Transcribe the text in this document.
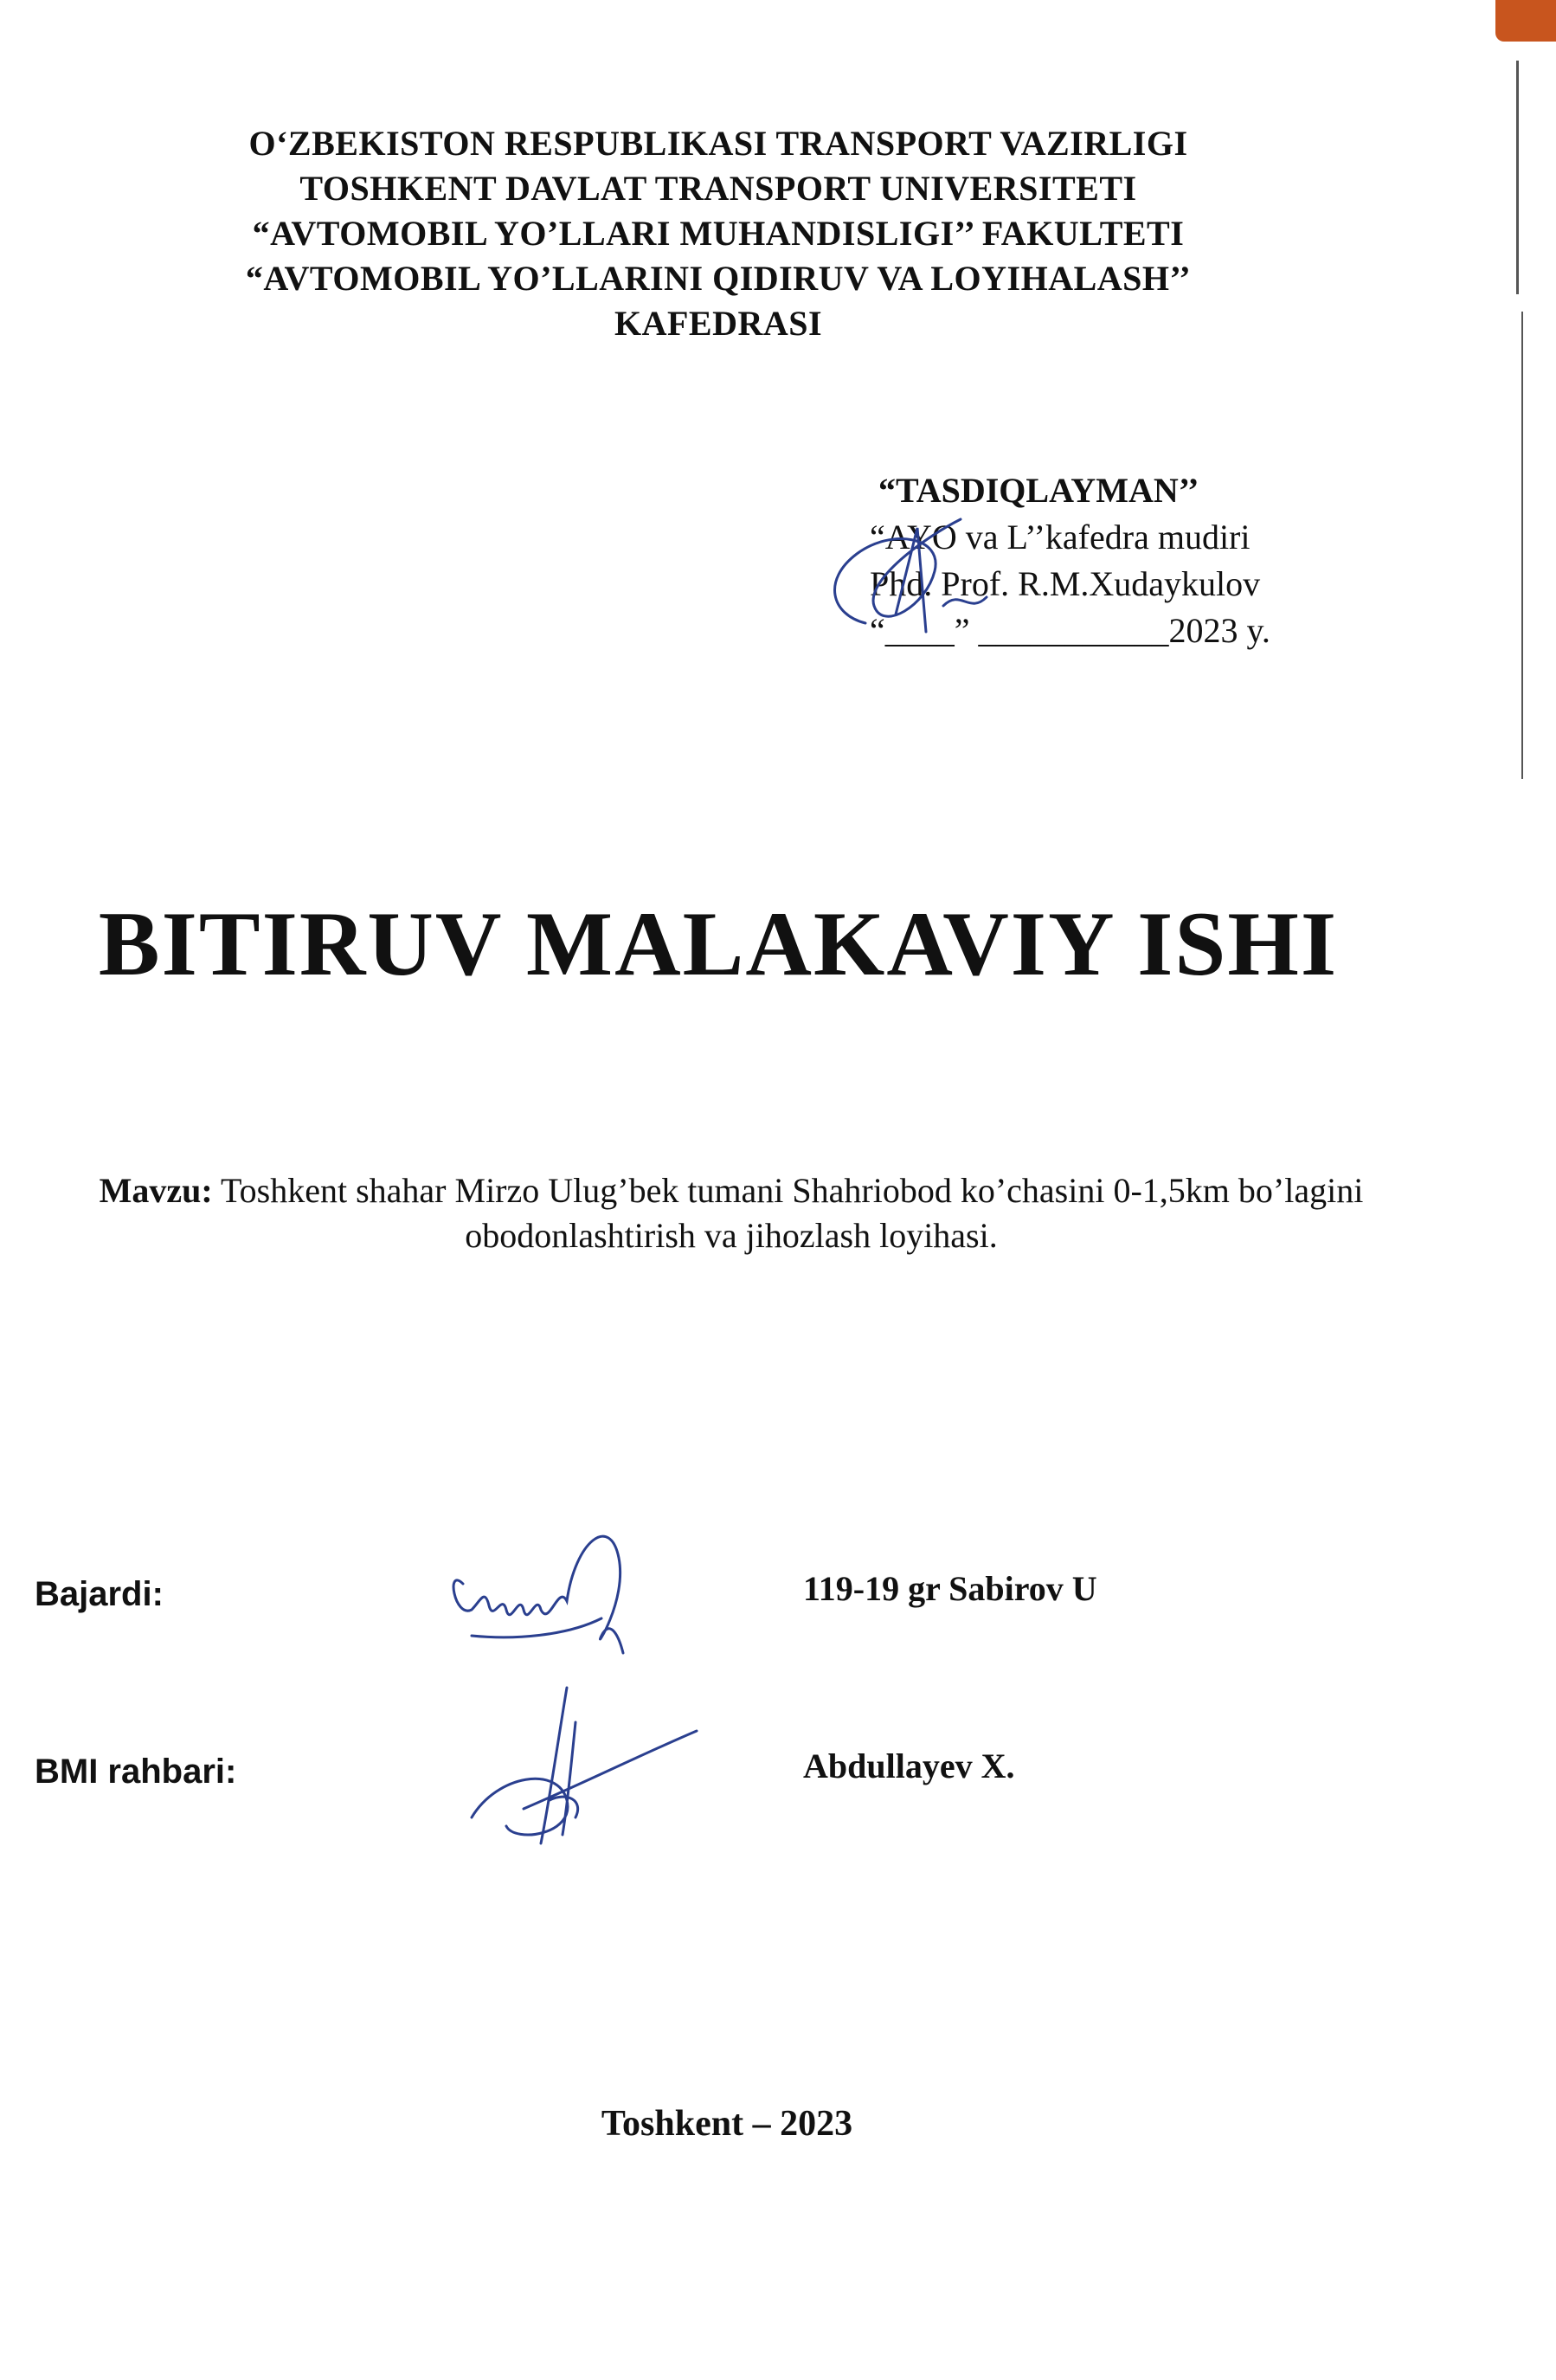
O‘ZBEKISTON RESPUBLIKASI TRANSPORT VAZIRLIGI
TOSHKENT DAVLAT TRANSPORT UNIVERSITETI
“AVTOMOBIL YO’LLARI MUHANDISLIGI’’ FAKULTETI
“AVTOMOBIL YO’LLARINI QIDIRUV VA LOYIHALASH’’
KAFEDRASI
“TASDIQLAYMAN’’
“AYO va L’’kafedra mudiri
Phd. Prof. R.M.Xudaykulov
“____” ___________2023 y.
BITIRUV MALAKAVIY ISHI
Mavzu: Toshkent shahar Mirzo Ulug’bek tumani Shahriobod ko’chasini 0-1,5km bo’lagini obodonlashtirish va jihozlash loyihasi.
Bajardi:	119-19 gr Sabirov U
BMI rahbari:	Abdullayev X.
Toshkent – 2023
